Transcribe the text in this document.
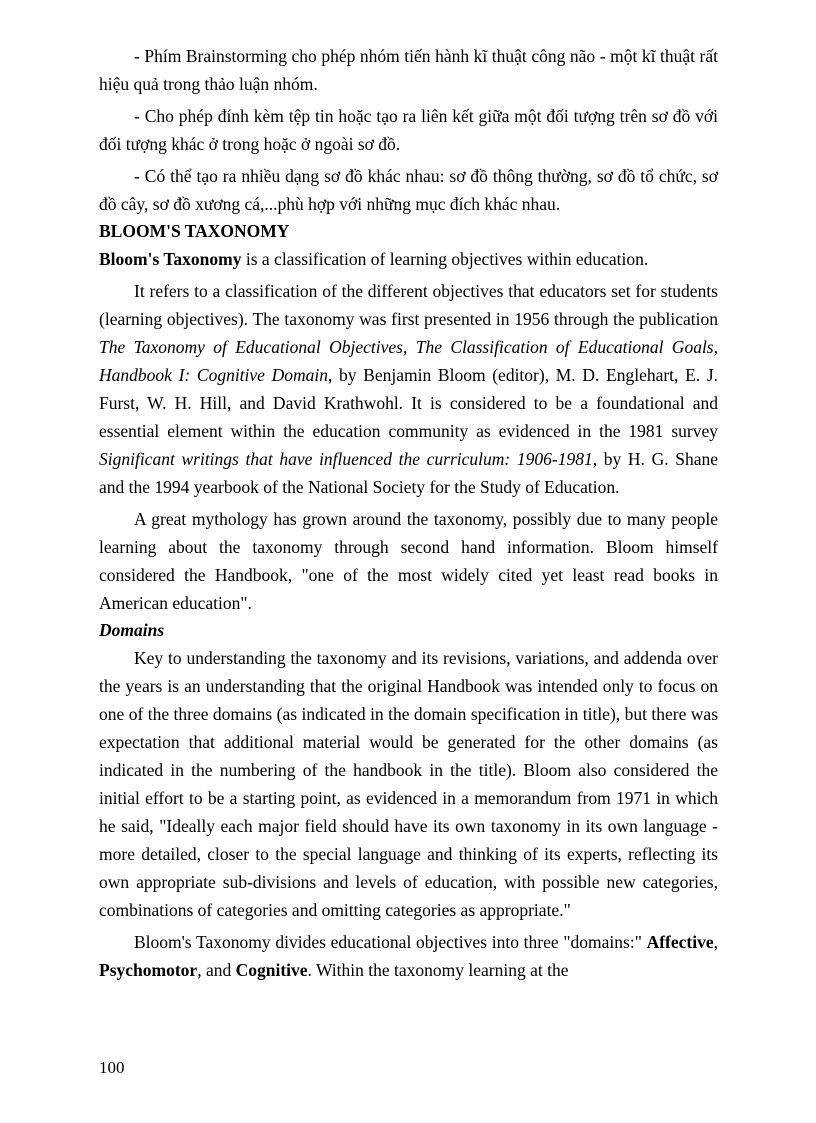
- Phím Brainstorming cho phép nhóm tiến hành kĩ thuật công não - một kĩ thuật rất hiệu quả trong thảo luận nhóm.

- Cho phép đính kèm tệp tin hoặc tạo ra liên kết giữa một đối tượng trên sơ đồ với đối tượng khác ở trong hoặc ở ngoài sơ đồ.

- Có thể tạo ra nhiều dạng sơ đồ khác nhau: sơ đồ thông thường, sơ đồ tổ chức, sơ đồ cây, sơ đồ xương cá,...phù hợp với những mục đích khác nhau.

BLOOM'S TAXONOMY

Bloom's Taxonomy is a classification of learning objectives within education.

It refers to a classification of the different objectives that educators set for students (learning objectives). The taxonomy was first presented in 1956 through the publication The Taxonomy of Educational Objectives, The Classification of Educational Goals, Handbook I: Cognitive Domain, by Benjamin Bloom (editor), M. D. Englehart, E. J. Furst, W. H. Hill, and David Krathwohl. It is considered to be a foundational and essential element within the education community as evidenced in the 1981 survey Significant writings that have influenced the curriculum: 1906-1981, by H. G. Shane and the 1994 yearbook of the National Society for the Study of Education.

A great mythology has grown around the taxonomy, possibly due to many people learning about the taxonomy through second hand information. Bloom himself considered the Handbook, "one of the most widely cited yet least read books in American education".

Domains

Key to understanding the taxonomy and its revisions, variations, and addenda over the years is an understanding that the original Handbook was intended only to focus on one of the three domains (as indicated in the domain specification in title), but there was expectation that additional material would be generated for the other domains (as indicated in the numbering of the handbook in the title). Bloom also considered the initial effort to be a starting point, as evidenced in a memorandum from 1971 in which he said, "Ideally each major field should have its own taxonomy in its own language - more detailed, closer to the special language and thinking of its experts, reflecting its own appropriate sub-divisions and levels of education, with possible new categories, combinations of categories and omitting categories as appropriate."

Bloom's Taxonomy divides educational objectives into three "domains:" Affective, Psychomotor, and Cognitive. Within the taxonomy learning at the

100
